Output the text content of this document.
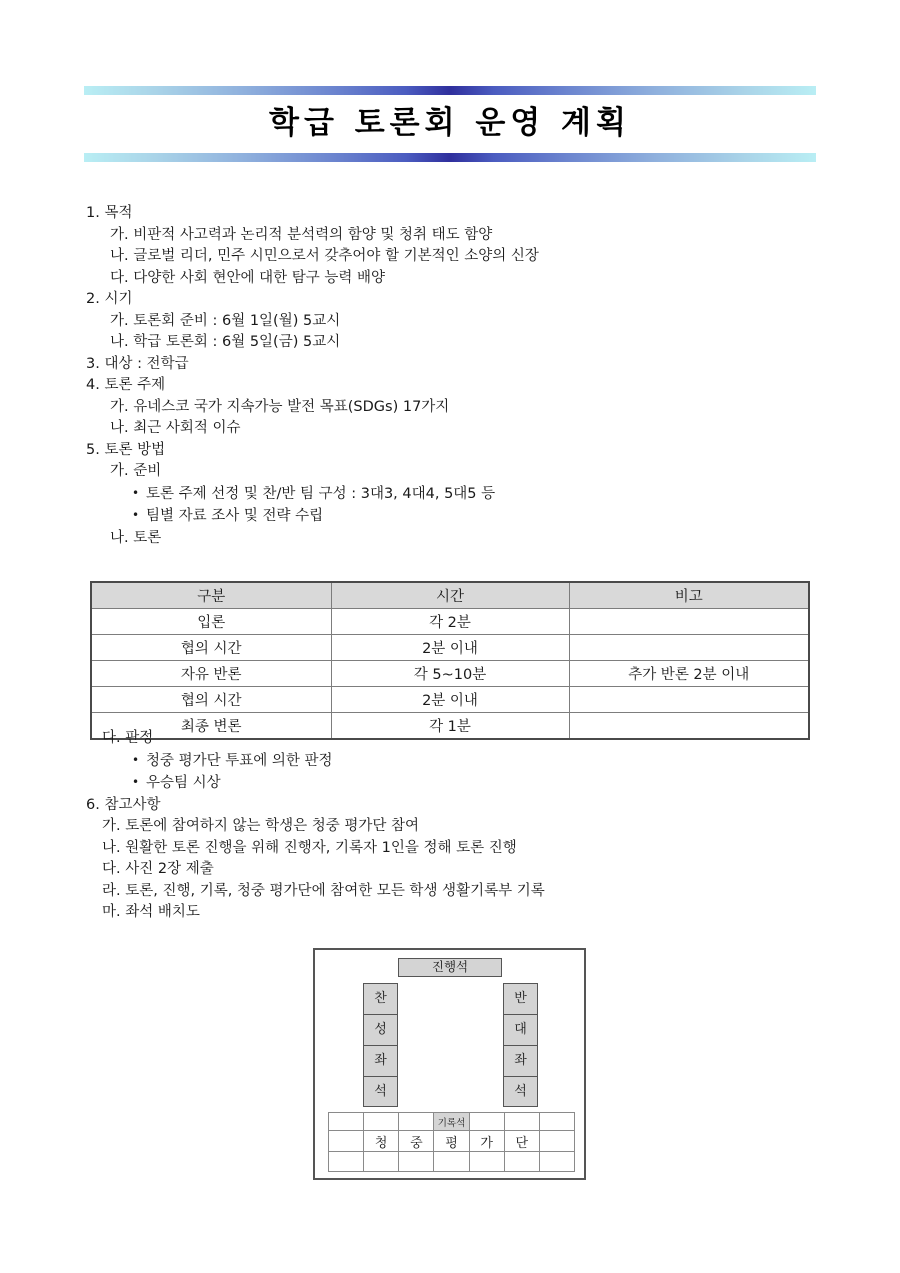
학급 토론회 운영 계획
1. 목적
가. 비판적 사고력과 논리적 분석력의 함양 및 청취 태도 함양
나. 글로벌 리더, 민주 시민으로서 갖추어야 할 기본적인 소양의 신장
다. 다양한 사회 현안에 대한 탐구 능력 배양
2. 시기
가. 토론회 준비 : 6월 1일(월) 5교시
나. 학급 토론회 : 6월 5일(금) 5교시
3. 대상 : 전학급
4. 토론 주제
가. 유네스코 국가 지속가능 발전 목표(SDGs) 17가지
나. 최근 사회적 이슈
5. 토론 방법
가. 준비
• 토론 주제 선정 및 찬/반 팀 구성 : 3대3, 4대4, 5대5 등
• 팀별 자료 조사 및 전략 수립
나. 토론
구분	시간	비고
입론	각 2분	
협의 시간	2분 이내	
자유 반론	각 5~10분	추가 반론 2분 이내
협의 시간	2분 이내	
최종 변론	각 1분	
다. 판정
• 청중 평가단 투표에 의한 판정
• 우승팀 시상
6. 참고사항
가. 토론에 참여하지 않는 학생은 청중 평가단 참여
나. 원활한 토론 진행을 위해 진행자, 기록자 1인을 정해 토론 진행
다. 사진 2장 제출
라. 토론, 진행, 기록, 청중 평가단에 참여한 모든 학생 생활기록부 기록
마. 좌석 배치도
진행석
찬
성
좌
석
반
대
좌
석
			기록석			
	청	중	평	가	단	
